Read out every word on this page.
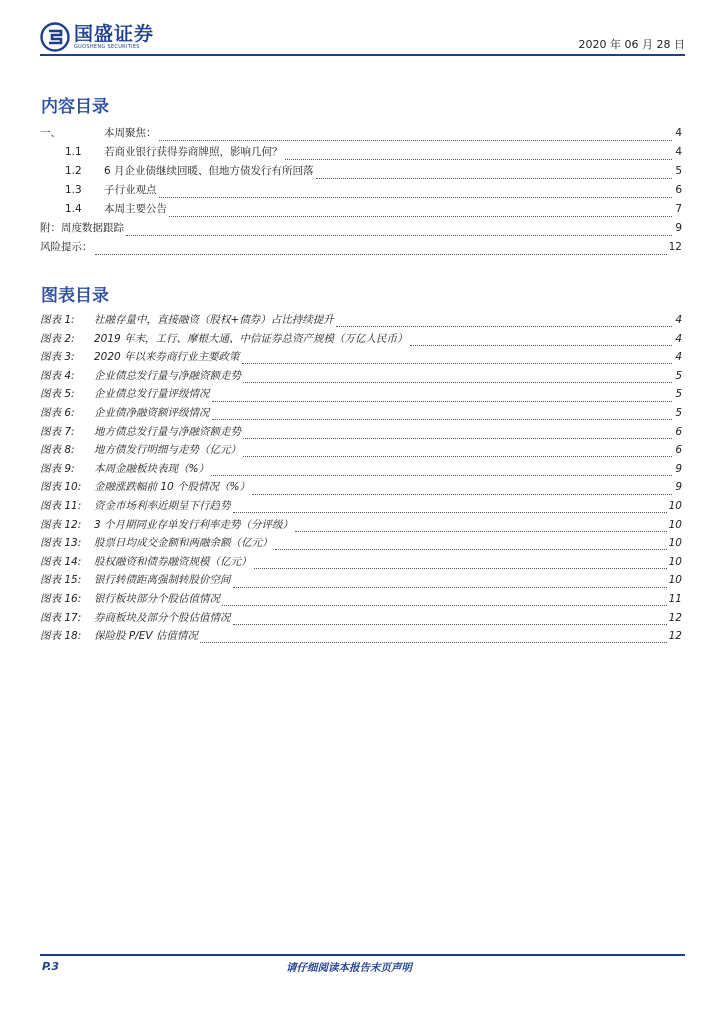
国盛证券
GUOSHENG SECURITIES	2020 年 06 月 28 日
内容目录
一、	本周聚焦：	4
1.1	若商业银行获得券商牌照，影响几何？	4
1.2	6 月企业债继续回暖、但地方债发行有所回落	5
1.3	子行业观点	6
1.4	本周主要公告	7
附：周度数据跟踪	9
风险提示：	12
图表目录
图表 1:	社融存量中，直接融资（股权+债券）占比持续提升	4
图表 2:	2019 年末，工行、摩根大通、中信证券总资产规模（万亿人民币）	4
图表 3:	2020 年以来券商行业主要政策	4
图表 4:	企业债总发行量与净融资额走势	5
图表 5:	企业债总发行量评级情况	5
图表 6:	企业债净融资额评级情况	5
图表 7:	地方债总发行量与净融资额走势	6
图表 8:	地方债发行明细与走势（亿元）	6
图表 9:	本周金融板块表现（%）	9
图表 10:	金融涨跌幅前 10 个股情况（%）	9
图表 11:	资金市场利率近期呈下行趋势	10
图表 12:	3 个月期同业存单发行利率走势（分评级）	10
图表 13:	股票日均成交金额和两融余额（亿元）	10
图表 14:	股权融资和债券融资规模（亿元）	10
图表 15:	银行转债距离强制转股价空间	10
图表 16:	银行板块部分个股估值情况	11
图表 17:	券商板块及部分个股估值情况	12
图表 18:	保险股 P/EV 估值情况	12
P.3	请仔细阅读本报告末页声明
